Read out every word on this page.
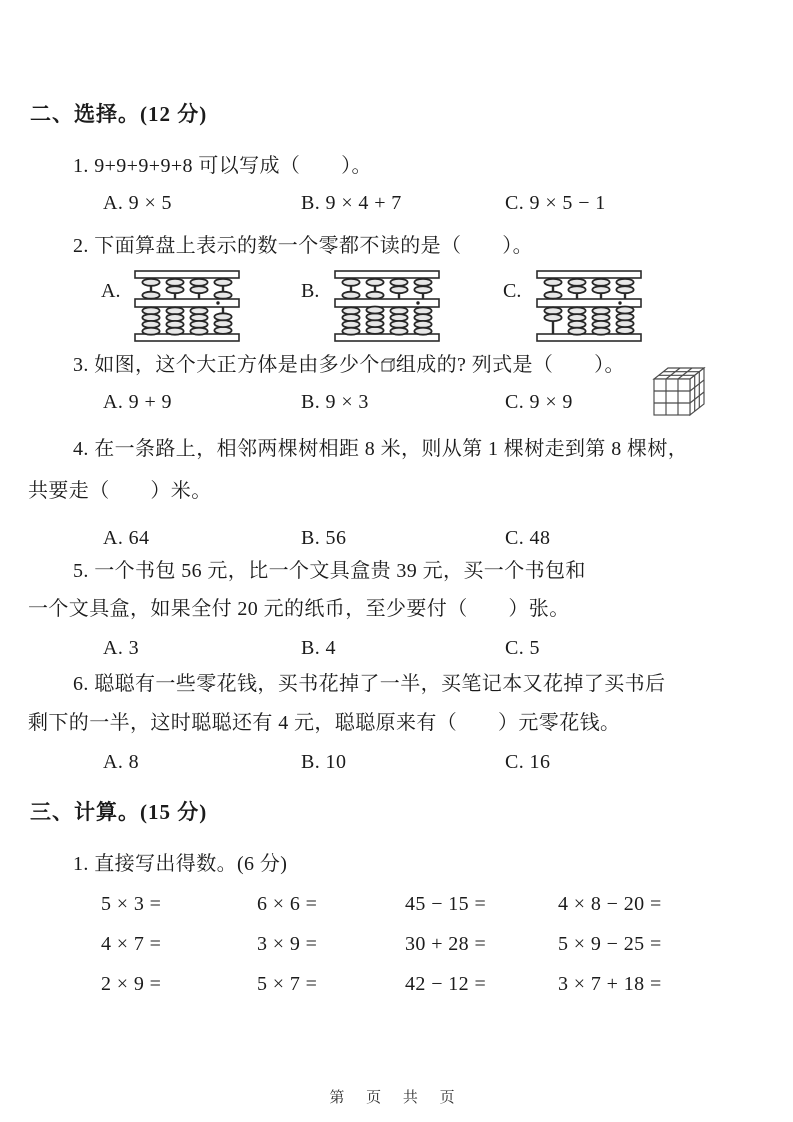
二、选择。(12 分)
1. 9+9+9+9+8 可以写成（　　）。
A. 9 × 5	B. 9 × 4 + 7	C. 9 × 5 − 1
2. 下面算盘上表示的数一个零都不读的是（　　）。
A.	B.	C.
3. 如图，这个大正方体是由多少个 组成的? 列式是（　　）。
A. 9 + 9	B. 9 × 3	C. 9 × 9
4. 在一条路上，相邻两棵树相距 8 米，则从第 1 棵树走到第 8 棵树，
共要走（　　）米。
A. 64	B. 56	C. 48
5. 一个书包 56 元，比一个文具盒贵 39 元，买一个书包和
一个文具盒，如果全付 20 元的纸币，至少要付（　　）张。
A. 3	B. 4	C. 5
6. 聪聪有一些零花钱，买书花掉了一半，买笔记本又花掉了买书后
剩下的一半，这时聪聪还有 4 元，聪聪原来有（　　）元零花钱。
A. 8	B. 10	C. 16
三、计算。(15 分)
1. 直接写出得数。(6 分)
5 × 3 =	6 × 6 =	45 − 15 =	4 × 8 − 20 =
4 × 7 =	3 × 9 =	30 + 28 =	5 × 9 − 25 =
2 × 9 =	5 × 7 =	42 − 12 =	3 × 7 + 18 =
第 页 共 页
